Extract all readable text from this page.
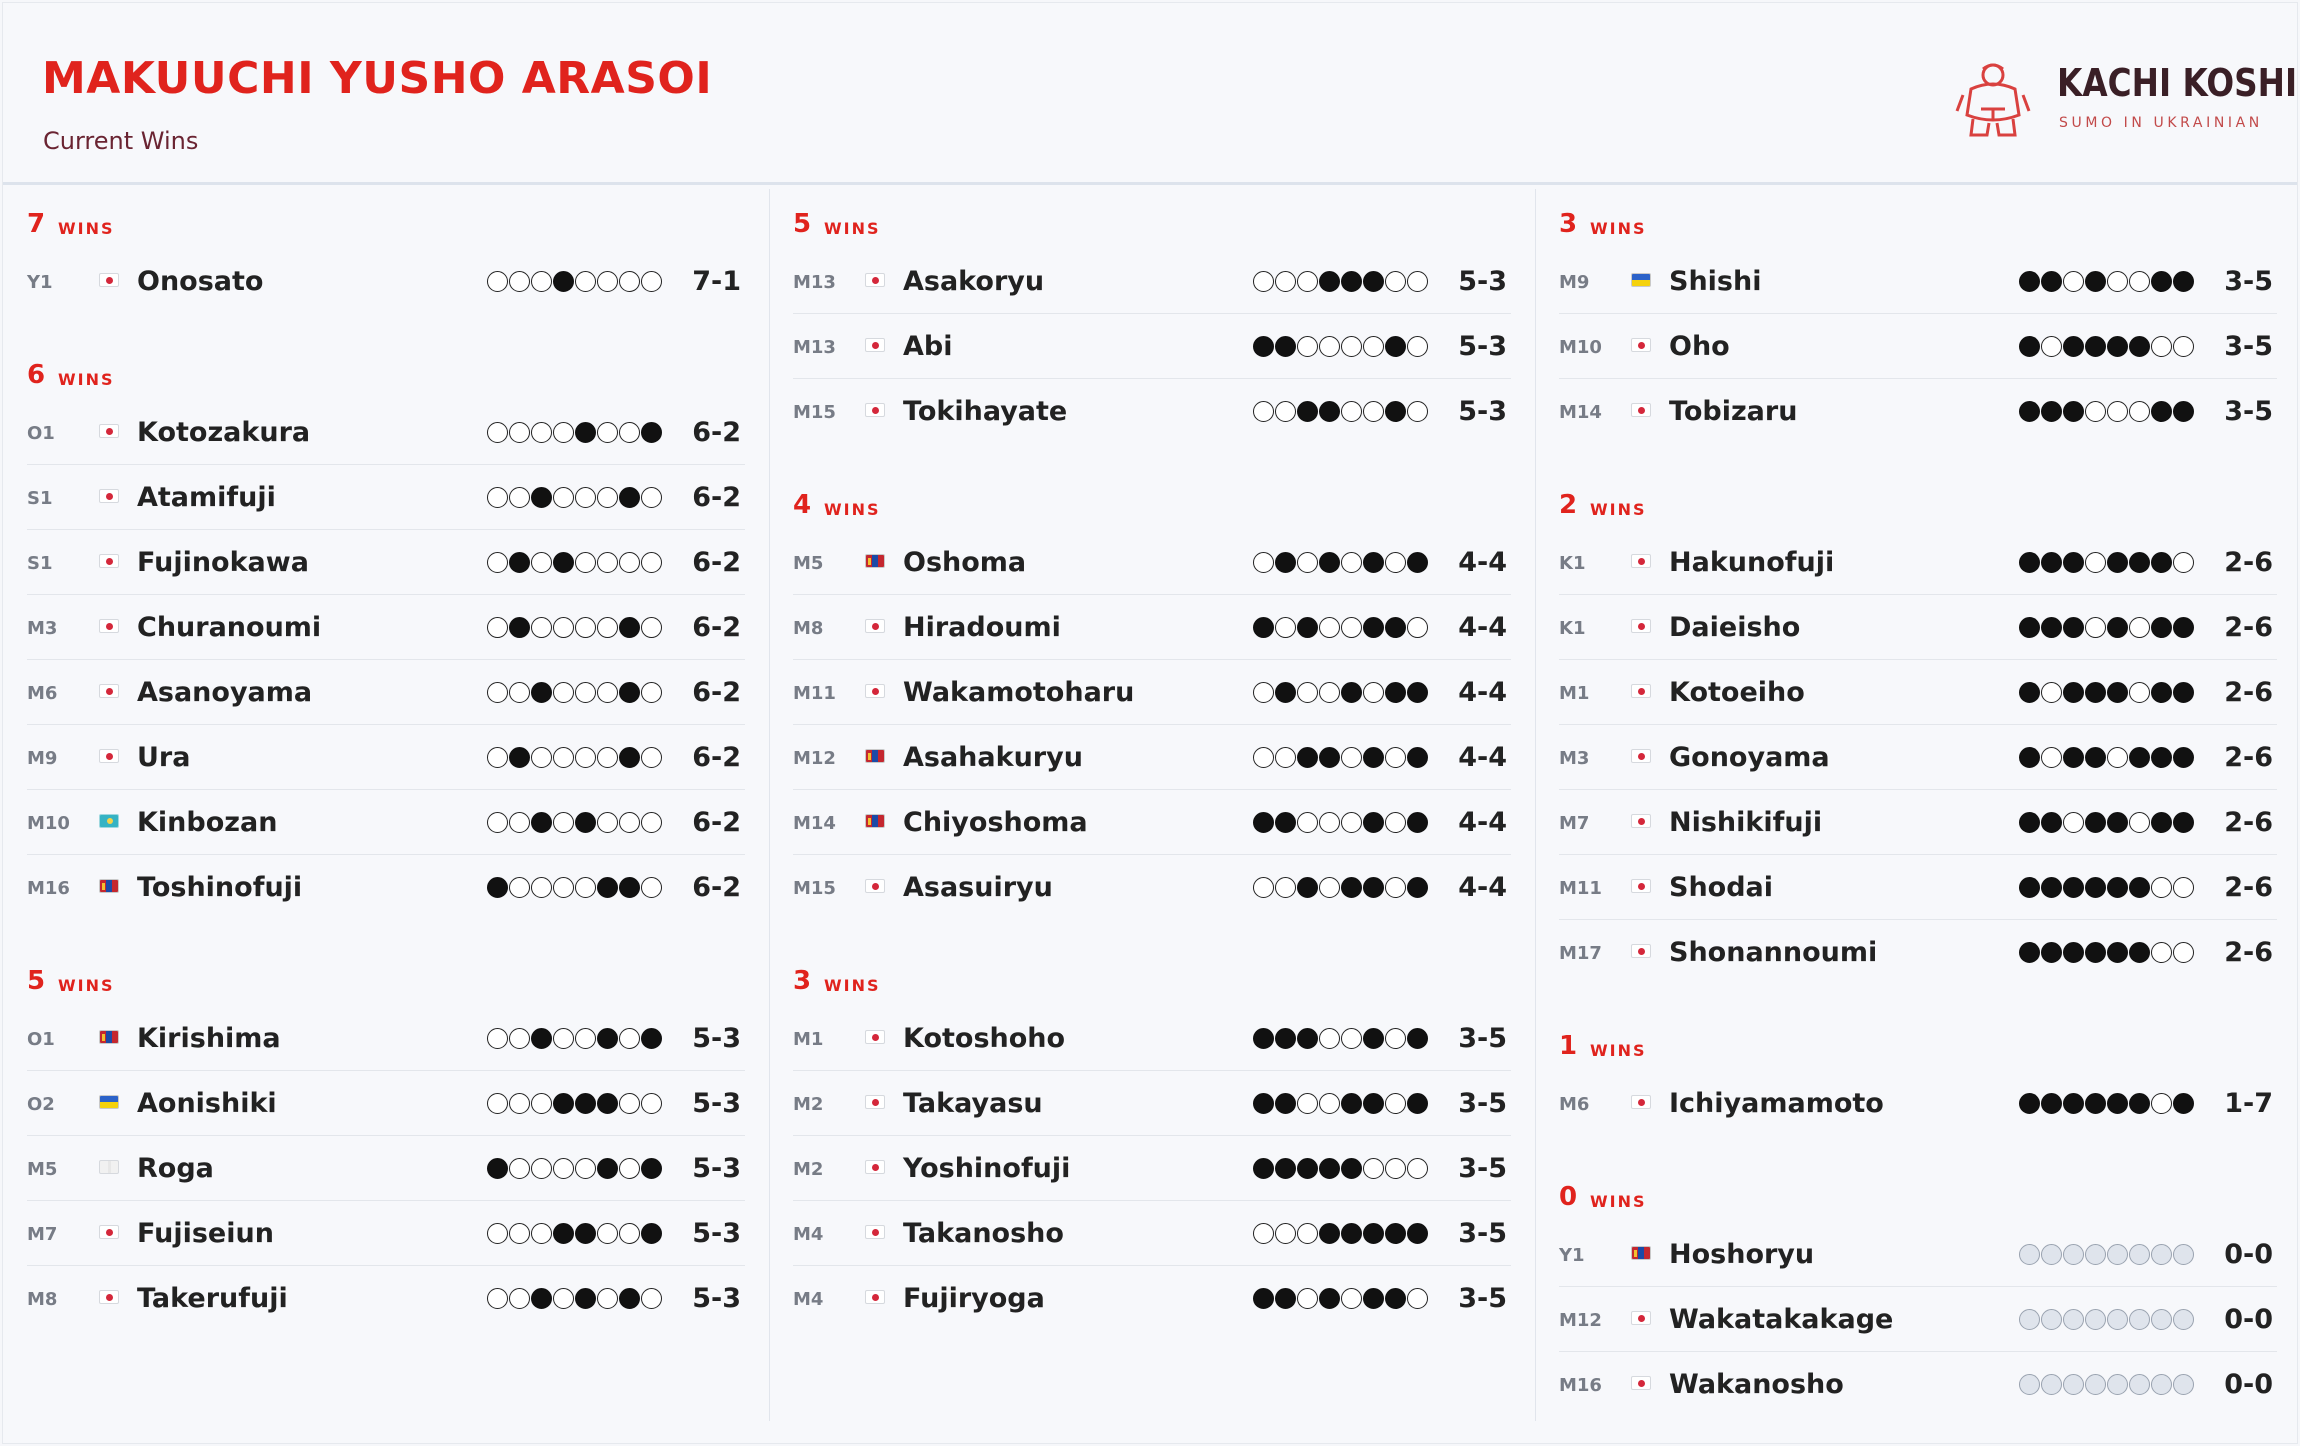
MAKUUCHI YUSHO ARASOI
Current Wins
KACHI KOSHI
SUMO IN UKRAINIAN
7 WINS
Y1	Onosato	7-1
6 WINS
O1	Kotozakura	6-2
S1	Atamifuji	6-2
S1	Fujinokawa	6-2
M3	Churanoumi	6-2
M6	Asanoyama	6-2
M9	Ura	6-2
M10 Kinbozan	6-2
M16 Toshinofuji	6-2
5 WINS
O1	Kirishima	5-3
O2	Aonishiki	5-3
M5	Roga	5-3
M7	Fujiseiun	5-3
M8	Takerufuji	5-3
5 WINS
M13 Asakoryu	5-3
M13 Abi	5-3
M15 Tokihayate	5-3
4 WINS
M5	Oshoma	4-4
M8	Hiradoumi	4-4
M11 Wakamotoharu	4-4
M12 Asahakuryu	4-4
M14 Chiyoshoma	4-4
M15 Asasuiryu	4-4
3 WINS
M1	Kotoshoho	3-5
M2	Takayasu	3-5
M2	Yoshinofuji	3-5
M4	Takanosho	3-5
M4	Fujiryoga	3-5
3 WINS
M9	Shishi	3-5
M10 Oho	3-5
M14 Tobizaru	3-5
2 WINS
K1	Hakunofuji	2-6
K1	Daieisho	2-6
M1	Kotoeiho	2-6
M3	Gonoyama	2-6
M7	Nishikifuji	2-6
M11 Shodai	2-6
M17 Shonannoumi	2-6
1 WINS
M6	Ichiyamamoto	1-7
0 WINS
Y1	Hoshoryu	0-0
M12 Wakatakakage	0-0
M16 Wakanosho	0-0
